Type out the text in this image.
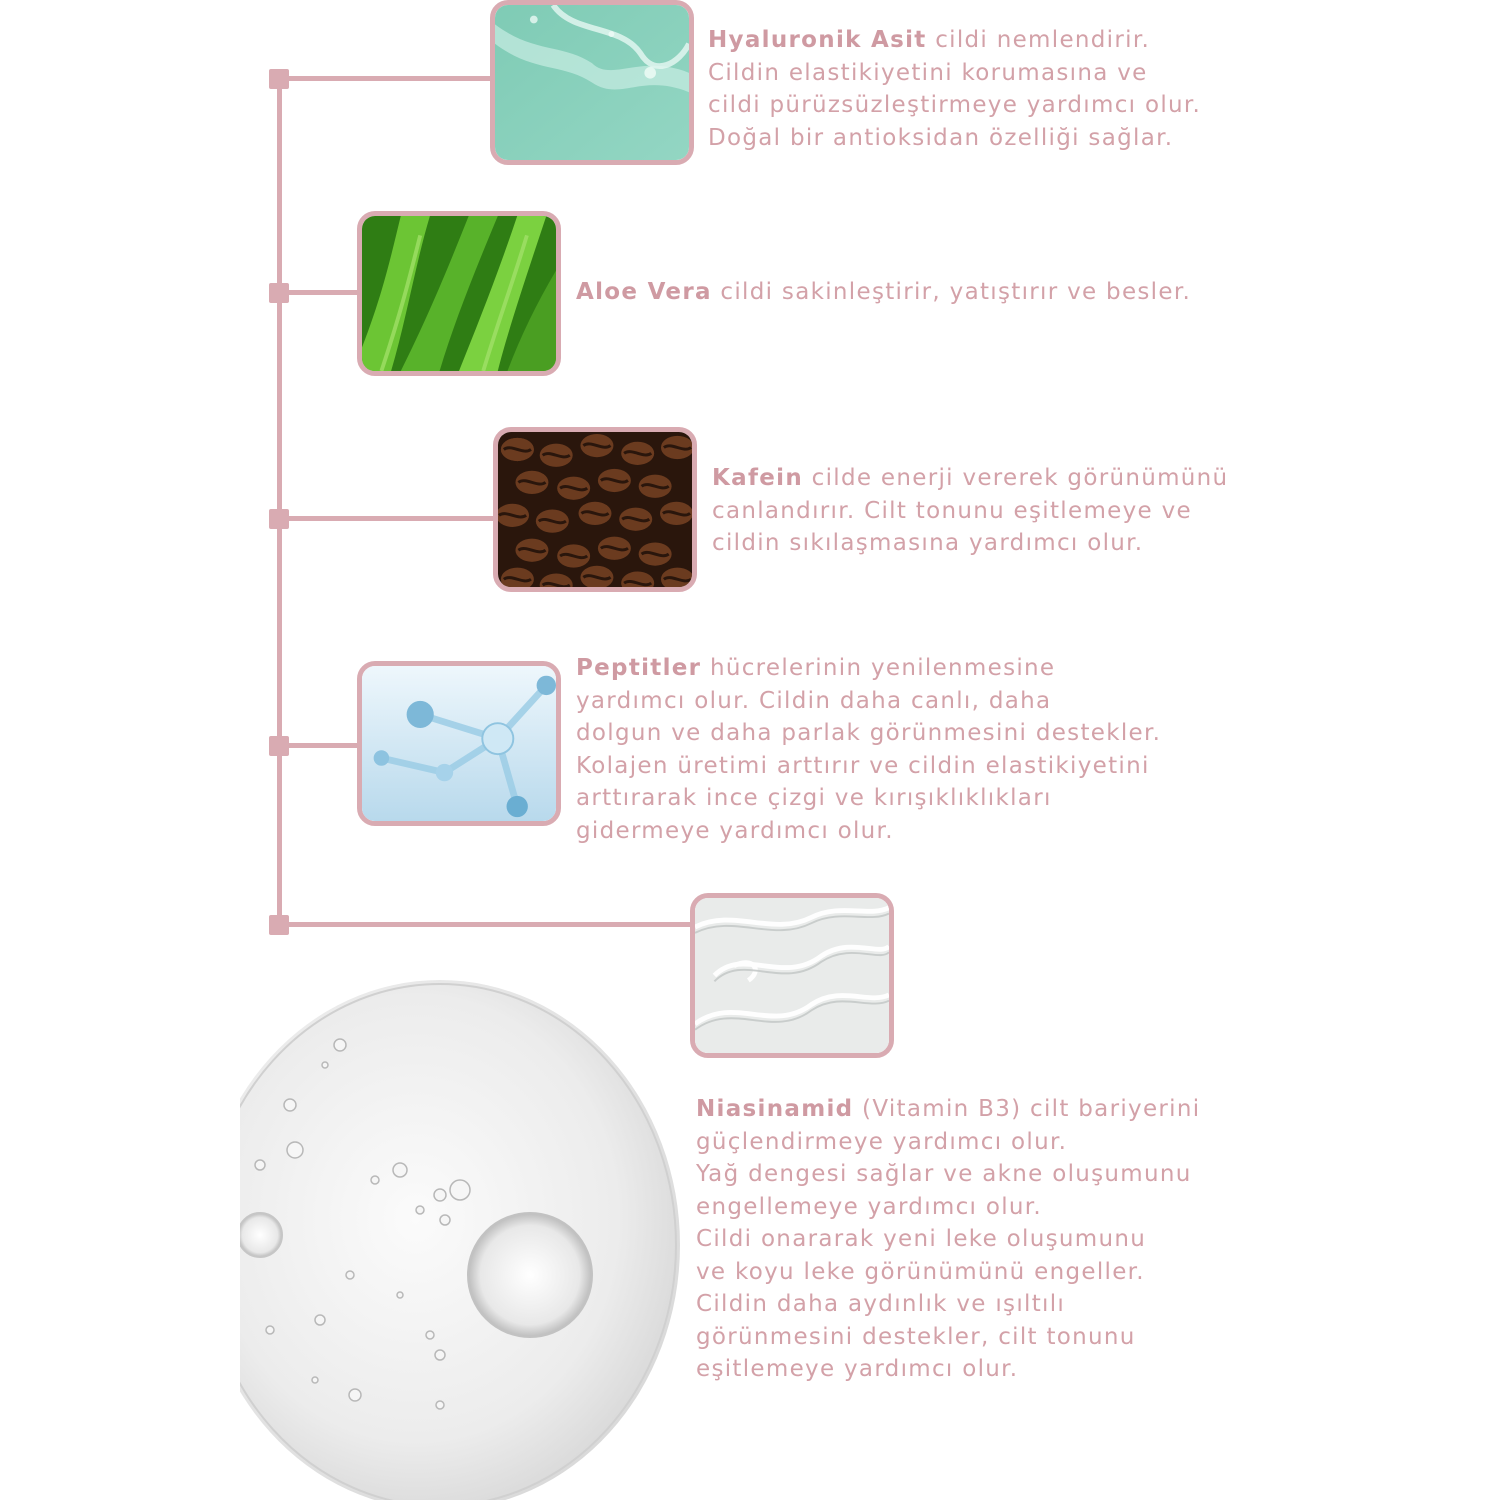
Hyaluronik Asit cildi nemlendirir.
Cildin elastikiyetini korumasına ve
cildi pürüzsüzleştirmeye yardımcı olur.
Doğal bir antioksidan özelliği sağlar.
Aloe Vera cildi sakinleştirir, yatıştırır ve besler.
Kafein cilde enerji vererek görünümünü
canlandırır. Cilt tonunu eşitlemeye ve
cildin sıkılaşmasına yardımcı olur.
Peptitler hücrelerinin yenilenmesine
yardımcı olur. Cildin daha canlı, daha
dolgun ve daha parlak görünmesini destekler.
Kolajen üretimi arttırır ve cildin elastikiyetini
arttırarak ince çizgi ve kırışıklıklıkları
gidermeye yardımcı olur.
Niasinamid (Vitamin B3) cilt bariyerini
güçlendirmeye yardımcı olur.
Yağ dengesi sağlar ve akne oluşumunu
engellemeye yardımcı olur.
Cildi onararak yeni leke oluşumunu
ve koyu leke görünümünü engeller.
Cildin daha aydınlık ve ışıltılı
görünmesini destekler, cilt tonunu
eşitlemeye yardımcı olur.
